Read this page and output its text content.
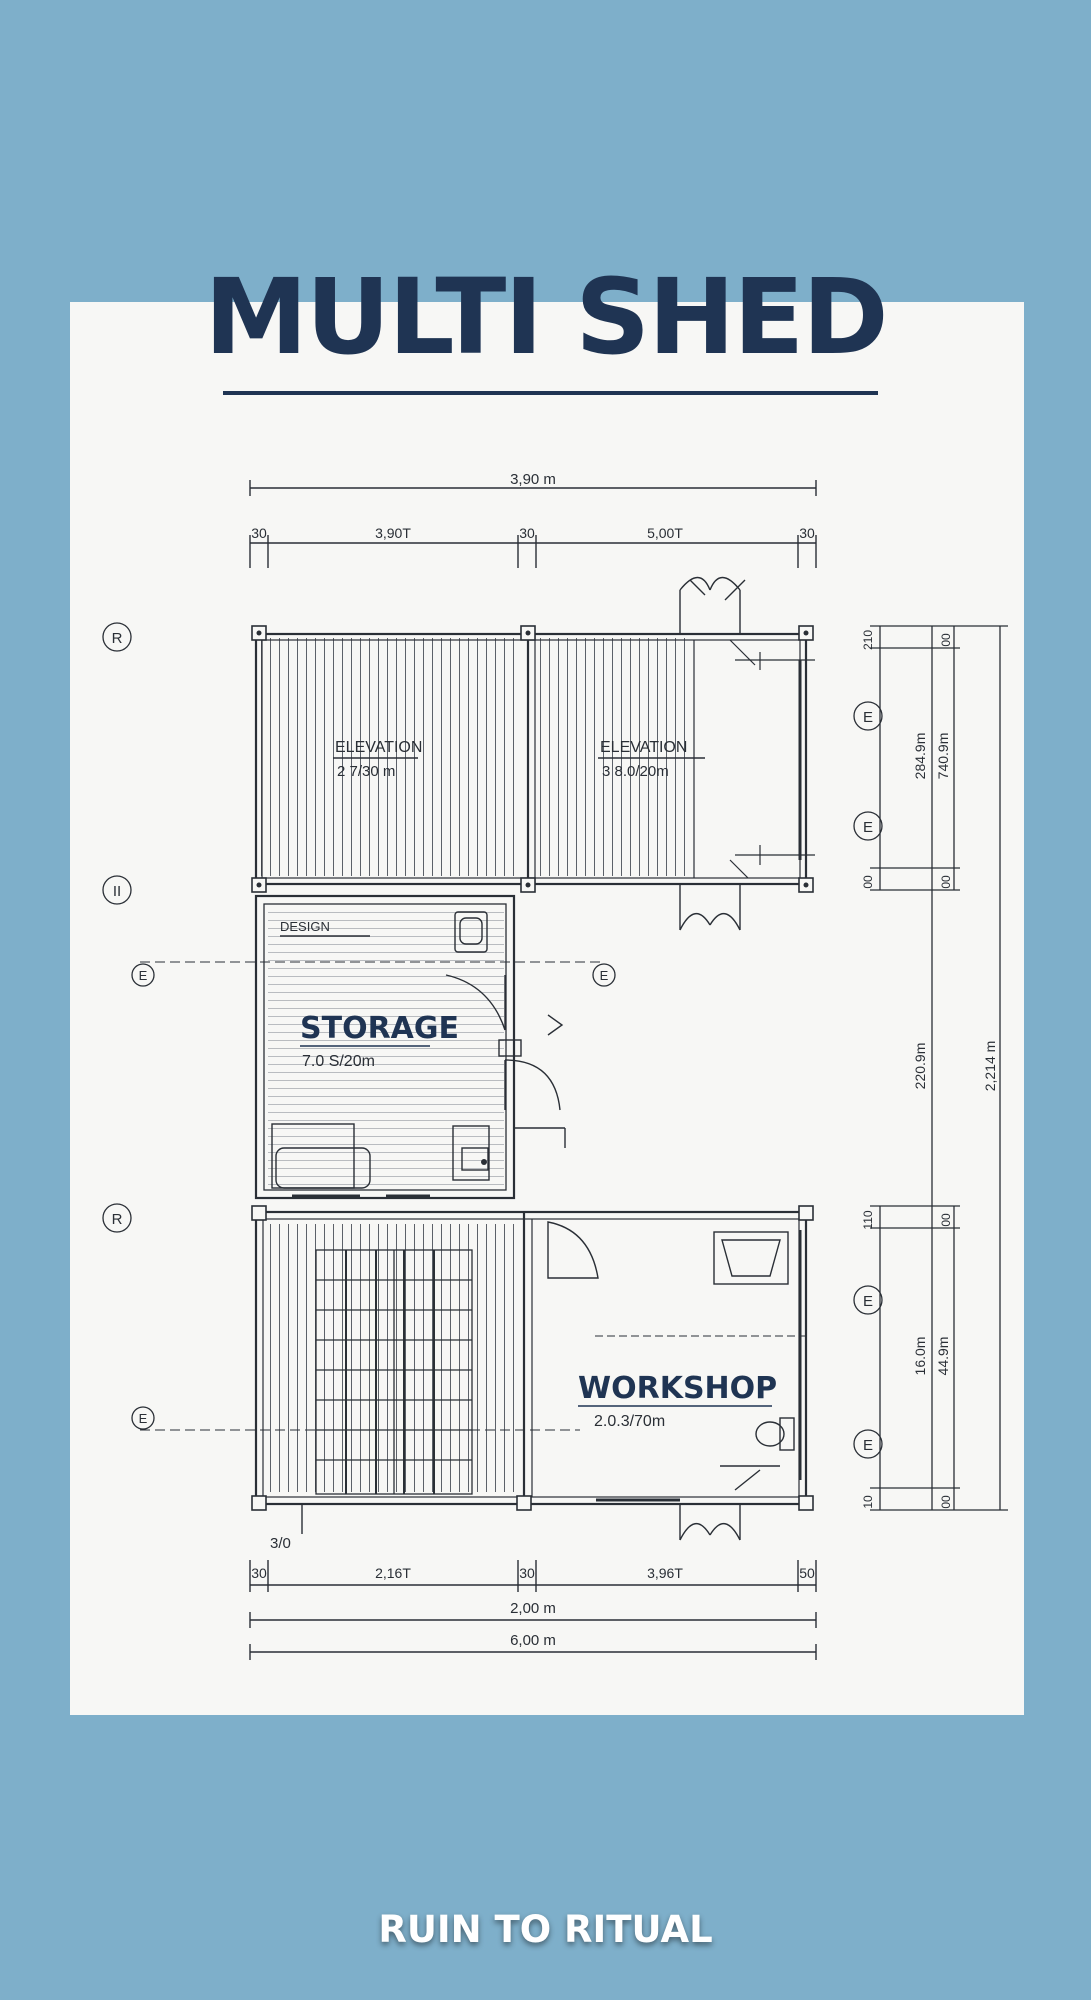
MULTI SHED
3,90 m
30	3,90T	30	5,00T	30
ELEVATION
2 7/30 m
ELEVATION
3 8.0/20m
DESIGN
STORAGE
7.0 S/20m
WORKSHOP
2.0.3/70m
R
II
R
E
E
E
E
E
E
E
210	00
00	00
110	00
10	00
284.9m 740.9m
220.9m	2,214 m
16.0m 44.9m
3/0
30	2,16T	30	3,96T	50
2,00 m
6,00 m
RUIN TO RITUAL
